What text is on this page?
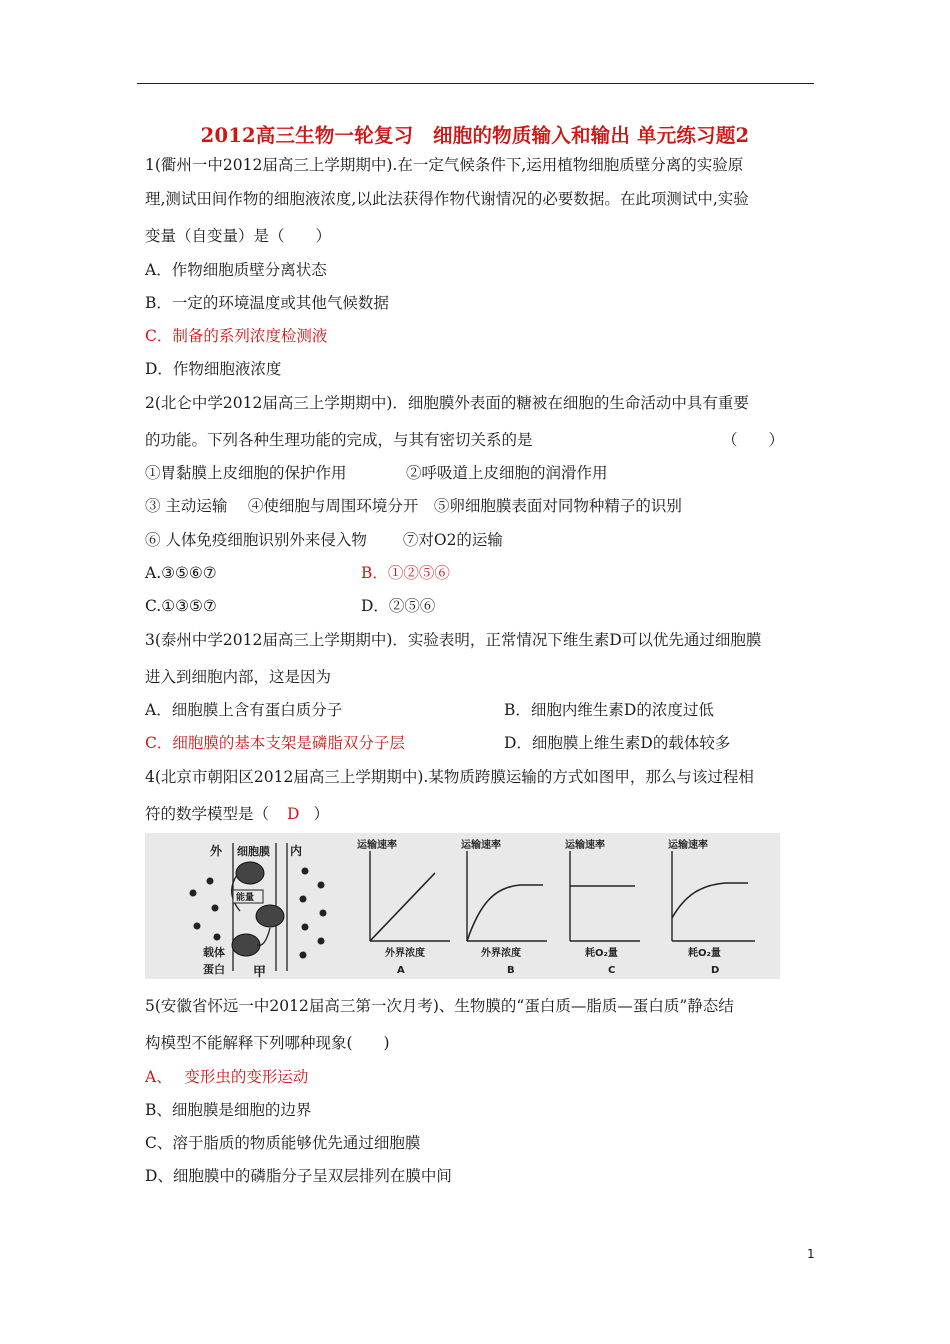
2012高三生物一轮复习　细胞的物质输入和输出 单元练习题2
1(衢州一中2012届高三上学期期中).在一定气候条件下,运用植物细胞质壁分离的实验原
理,测试田间作物的细胞液浓度,以此法获得作物代谢情况的必要数据。在此项测试中,实验
变量（自变量）是（　　）
A．作物细胞质壁分离状态
B．一定的环境温度或其他气候数据
C．制备的系列浓度检测液
D．作物细胞液浓度
2(北仑中学2012届高三上学期期中)．细胞膜外表面的糖被在细胞的生命活动中具有重要
的功能。下列各种生理功能的完成，与其有密切关系的是	（　　）
①胃黏膜上皮细胞的保护作用	②呼吸道上皮细胞的润滑作用
③ 主动运输　 ④使细胞与周围环境分开　⑤卵细胞膜表面对同物种精子的识别
⑥ 人体免疫细胞识别外来侵入物　　 ⑦对O2的运输
A.③⑤⑥⑦	B．①②⑤⑥
C.①③⑤⑦	D．②⑤⑥
3(泰州中学2012届高三上学期期中)．实验表明，正常情况下维生素D可以优先通过细胞膜
进入到细胞内部，这是因为
A．细胞膜上含有蛋白质分子	B．细胞内维生素D的浓度过低
C．细胞膜的基本支架是磷脂双分子层	D．细胞膜上维生素D的载体较多
4(北京市朝阳区2012届高三上学期期中).某物质跨膜运输的方式如图甲，那么与该过程相
符的数学模型是（ D ）
外 细胞膜 内
能量
载体
蛋白 甲
运输速率
外界浓度
A
运输速率
外界浓度
B
运输速率
耗O₂量
C
运输速率
耗O₂量
D
5(安徽省怀远一中2012届高三第一次月考)、生物膜的“蛋白质—脂质—蛋白质”静态结
构模型不能解释下列哪种现象(　　)
A、　 变形虫的变形运动
B、细胞膜是细胞的边界
C、溶于脂质的物质能够优先通过细胞膜
D、细胞膜中的磷脂分子呈双层排列在膜中间
1
